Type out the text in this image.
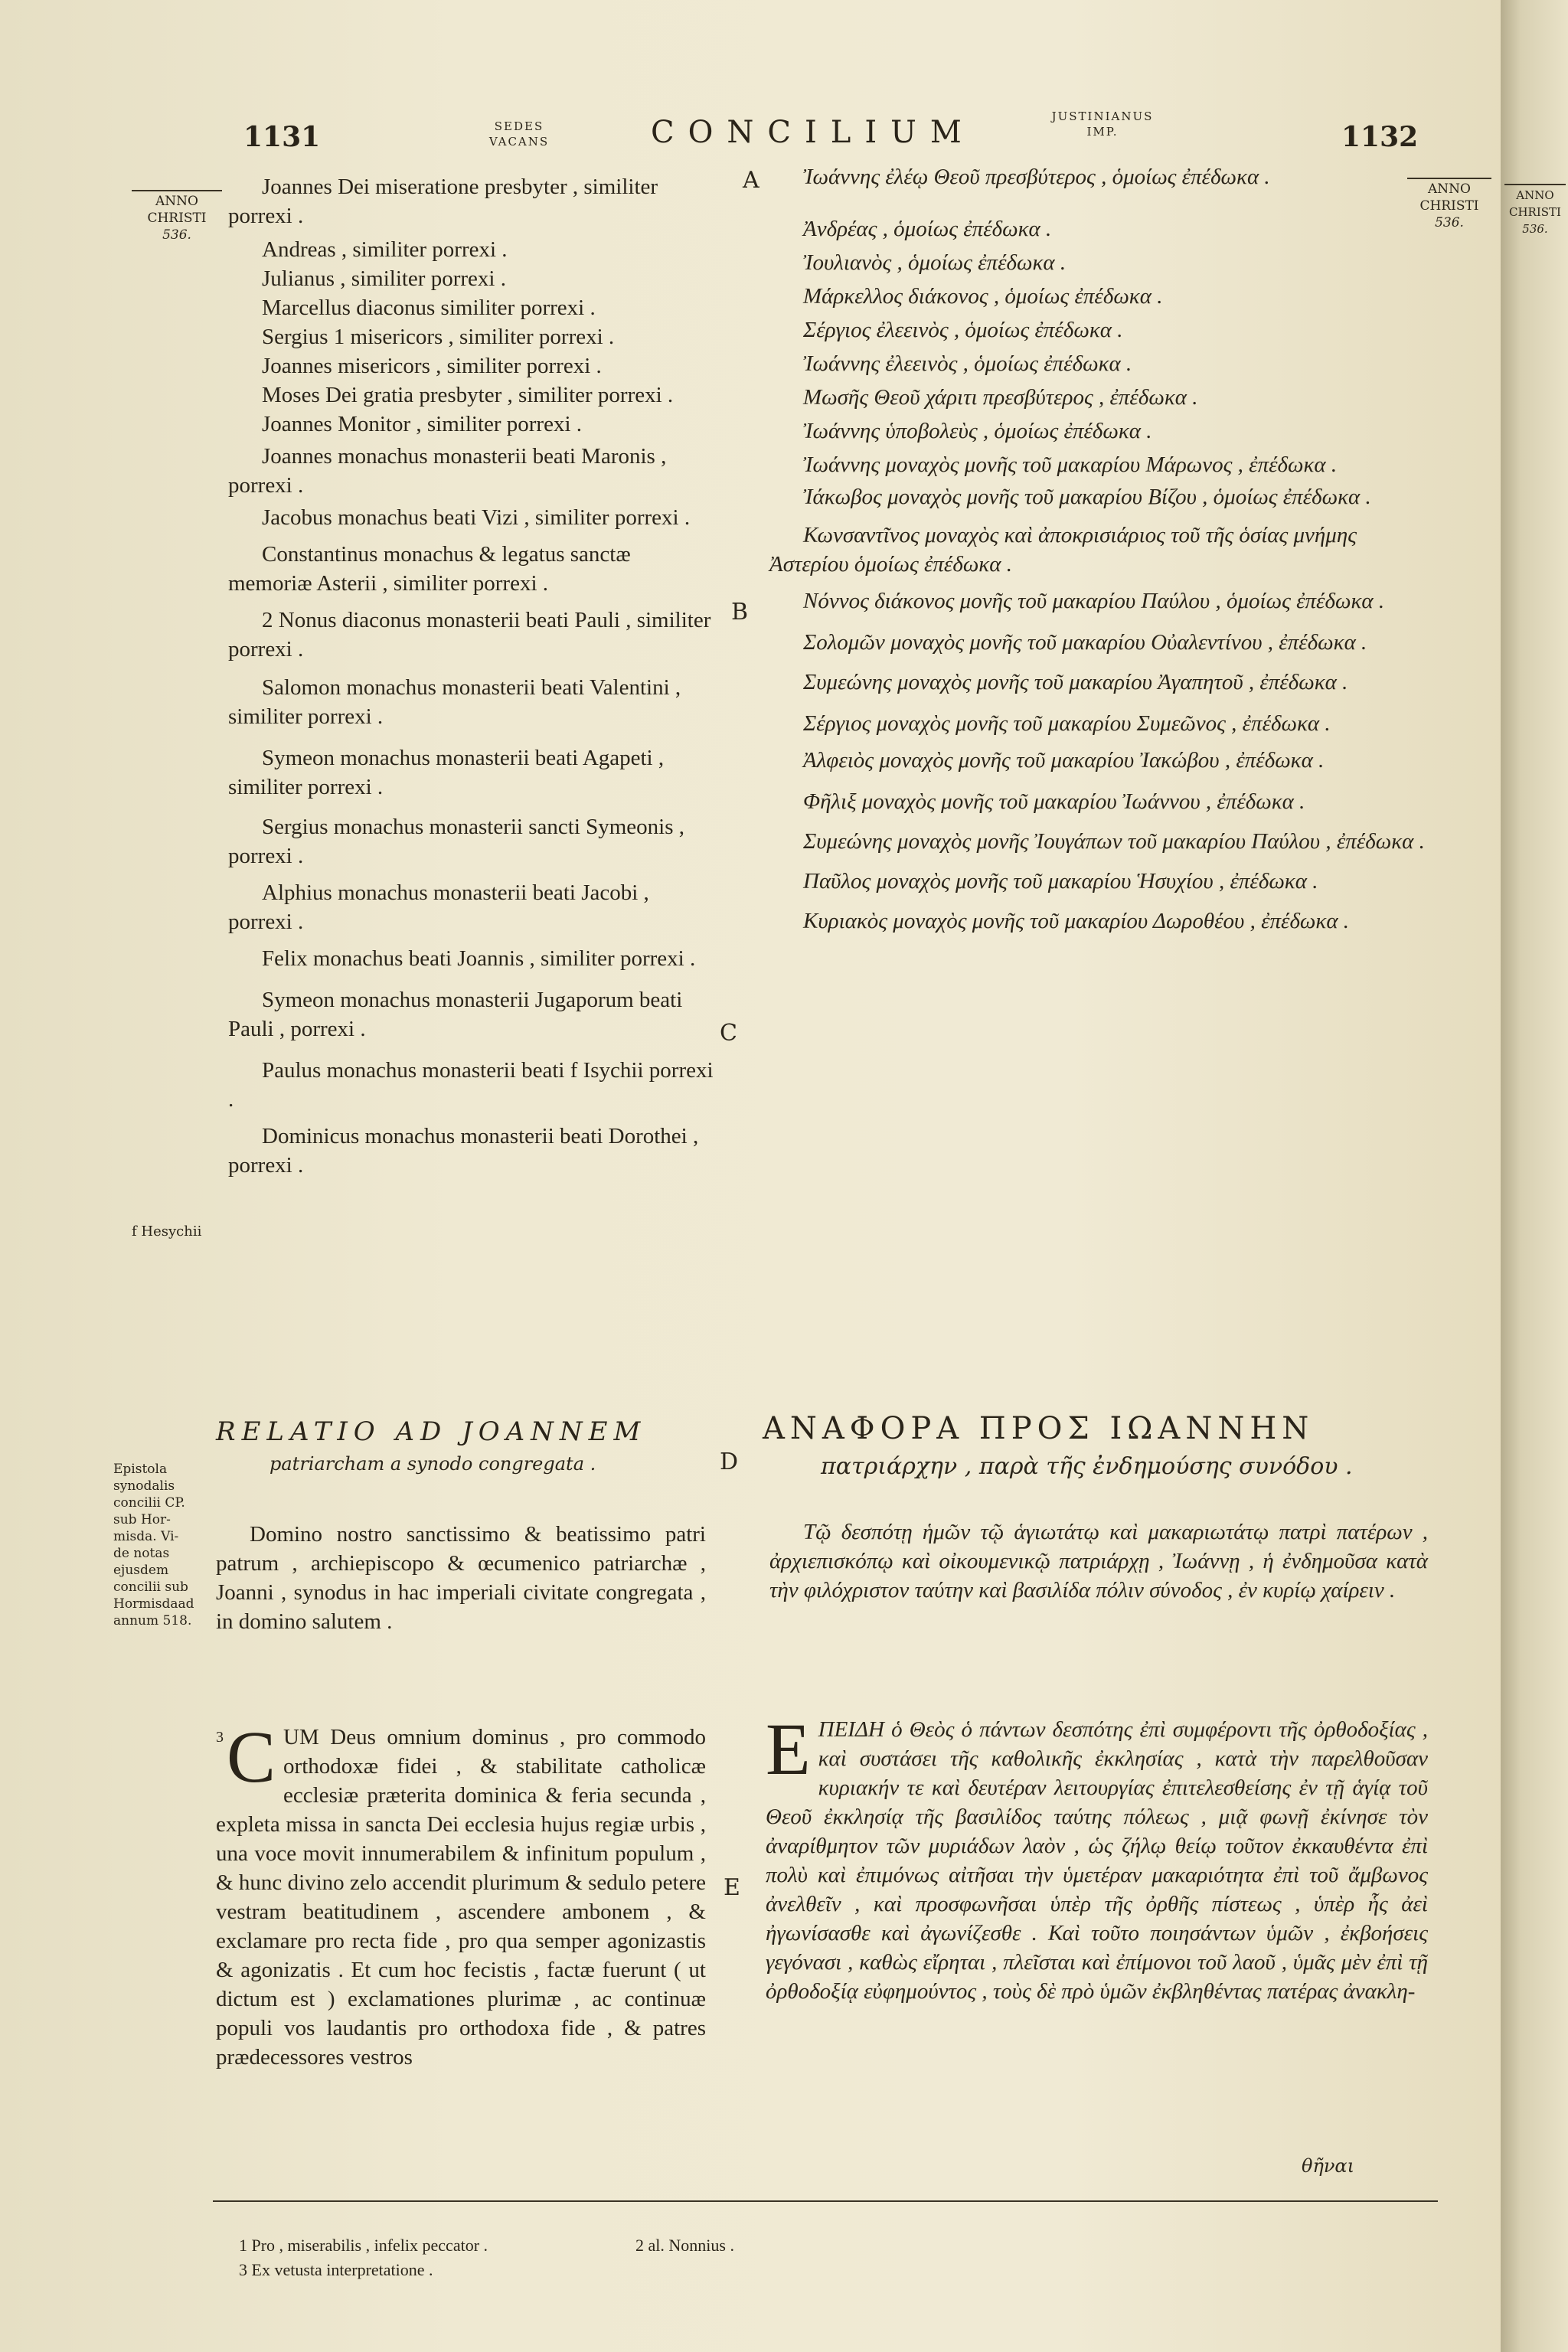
1131	SEDES
VACANS	CONCILIUM	JUSTINIANUS
IMP.	1132
ANNO
CHRISTI
536.
ANNO
CHRISTI
536.
ANNO
CHRISTI
536.
f Hesychii
Epistola
synodalis
concilii CP.
sub Hor-
misda. Vi-
de notas
ejusdem
concilii sub
Hormisdaad
annum 518.
A
B
C
D
E
Joannes Dei miseratione presbyter , similiter porrexi .
Andreas , similiter porrexi .
Julianus , similiter porrexi .
Marcellus diaconus similiter porrexi .
Sergius 1 misericors , similiter porrexi .
Joannes misericors , similiter porrexi .
Moses Dei gratia presbyter , similiter porrexi .
Joannes Monitor , similiter porrexi .
Joannes monachus monasterii beati Maronis , porrexi .
Jacobus monachus beati Vizi , similiter porrexi .
Constantinus monachus & legatus sanctæ memoriæ Asterii , similiter porrexi .
2 Nonus diaconus monasterii beati Pauli , similiter porrexi .
Salomon monachus monasterii beati Valentini , similiter porrexi .
Symeon monachus monasterii beati Agapeti , similiter porrexi .
Sergius monachus monasterii sancti Symeonis , porrexi .
Alphius monachus monasterii beati Jacobi , porrexi .
Felix monachus beati Joannis , similiter porrexi .
Symeon monachus monasterii Jugaporum beati Pauli , porrexi .
Paulus monachus monasterii beati f Isychii porrexi .
Dominicus monachus monasterii beati Dorothei , porrexi .
Ἰωάννης ἐλέῳ Θεοῦ πρεσβύτερος , ὁμοίως ἐπέδωκα .
Ἀνδρέας , ὁμοίως ἐπέδωκα .
Ἰουλιανὸς , ὁμοίως ἐπέδωκα .
Μάρκελλος διάκονος , ὁμοίως ἐπέδωκα .
Σέργιος ἐλεεινὸς , ὁμοίως ἐπέδωκα .
Ἰωάννης ἐλεεινὸς , ὁμοίως ἐπέδωκα .
Μωσῆς Θεοῦ χάριτι πρεσβύτερος , ἐπέδωκα .
Ἰωάννης ὑποβολεὺς , ὁμοίως ἐπέδωκα .
Ἰωάννης μοναχὸς μονῆς τοῦ μακαρίου Μάρωνος , ἐπέδωκα .
Ἰάκωβος μοναχὸς μονῆς τοῦ μακαρίου Βίζου , ὁμοίως ἐπέδωκα .
Κωνσαντῖνος μοναχὸς καὶ ἀποκρισιάριος τοῦ τῆς ὁσίας μνήμης Ἀστερίου ὁμοίως ἐπέδωκα .
Νόννος διάκονος μονῆς τοῦ μακαρίου Παύλου , ὁμοίως ἐπέδωκα .
Σολομῶν μοναχὸς μονῆς τοῦ μακαρίου Οὐαλεντίνου , ἐπέδωκα .
Συμεώνης μοναχὸς μονῆς τοῦ μακαρίου Ἀγαπητοῦ , ἐπέδωκα .
Σέργιος μοναχὸς μονῆς τοῦ μακαρίου Συμεῶνος , ἐπέδωκα .
Ἀλφειὸς μοναχὸς μονῆς τοῦ μακαρίου Ἰακώβου , ἐπέδωκα .
Φῆλιξ μοναχὸς μονῆς τοῦ μακαρίου Ἰωάννου , ἐπέδωκα .
Συμεώνης μοναχὸς μονῆς Ἰουγάπων τοῦ μακαρίου Παύλου , ἐπέδωκα .
Παῦλος μοναχὸς μονῆς τοῦ μακαρίου Ἡσυχίου , ἐπέδωκα .
Κυριακὸς μοναχὸς μονῆς τοῦ μακαρίου Δωροθέου , ἐπέδωκα .
RELATIO AD JOANNEM
patriarcham a synodo congregata .
ΑΝΑΦΟΡΑ ΠΡΟΣ ΙΩΑΝΝΗΝ
πατριάρχην , παρὰ τῆς ἐνδημούσης συνόδου .
Domino nostro sanctissimo & beatissimo patri patrum , archiepiscopo & œcumenico patriarchæ , Joanni , synodus in hac imperiali civitate congregata , in domino salutem .
Τῷ δεσπότῃ ἡμῶν τῷ ἁγιωτάτῳ καὶ μακαριωτάτῳ πατρὶ πατέρων , ἀρχιεπισκόπῳ καὶ οἰκουμενικῷ πατριάρχῃ , Ἰωάννῃ , ἡ ἐνδημοῦσα κατὰ τὴν φιλόχριστον ταύτην καὶ βασιλίδα πόλιν σύνοδος , ἐν κυρίῳ χαίρειν .
3 C UM Deus omnium dominus , pro commodo orthodoxæ fidei , & stabilitate catholicæ ecclesiæ præterita dominica & feria secunda , expleta missa in sancta Dei ecclesia hujus regiæ urbis , una voce movit innumerabilem & infinitum populum , & hunc divino zelo accendit plurimum & sedulo petere vestram beatitudinem , ascendere ambonem , & exclamare pro recta fide , pro qua semper agonizastis & agonizatis . Et cum hoc fecistis , factæ fuerunt ( ut dictum est ) exclamationes plurimæ , ac continuæ populi vos laudantis pro orthodoxa fide , & patres prædecessores vestros
Ε ΠΕΙΔΗ ὁ Θεὸς ὁ πάντων δεσπότης ἐπὶ συμφέροντι τῆς ὀρθοδοξίας , καὶ συστάσει τῆς καθολικῆς ἐκκλησίας , κατὰ τὴν παρελθοῦσαν κυριακήν τε καὶ δευτέραν λειτουργίας ἐπιτελεσθείσης ἐν τῇ ἁγίᾳ τοῦ Θεοῦ ἐκκλησίᾳ τῆς βασιλίδος ταύτης πόλεως , μιᾷ φωνῇ ἐκίνησε τὸν ἀναρίθμητον τῶν μυριάδων λαὸν , ὡς ζήλῳ θείῳ τοῦτον ἐκκαυθέντα ἐπὶ πολὺ καὶ ἐπιμόνως αἰτῆσαι τὴν ὑμετέραν μακαριότητα ἐπὶ τοῦ ἄμβωνος ἀνελθεῖν , καὶ προσφωνῆσαι ὑπὲρ τῆς ὀρθῆς πίστεως , ὑπὲρ ἧς ἀεὶ ἠγωνίσασθε καὶ ἀγωνίζεσθε . Καὶ τοῦτο ποιησάντων ὑμῶν , ἐκβοήσεις γεγόνασι , καθὼς εἴρηται , πλεῖσται καὶ ἐπίμονοι τοῦ λαοῦ , ὑμᾶς μὲν ἐπὶ τῇ ὀρθοδοξίᾳ εὐφημούντος , τοὺς δὲ πρὸ ὑμῶν ἐκβληθέντας πατέρας ἀνακλη-
θῆναι
1 Pro , miserabilis , infelix peccator .	2 al. Nonnius .
3 Ex vetusta interpretatione .
